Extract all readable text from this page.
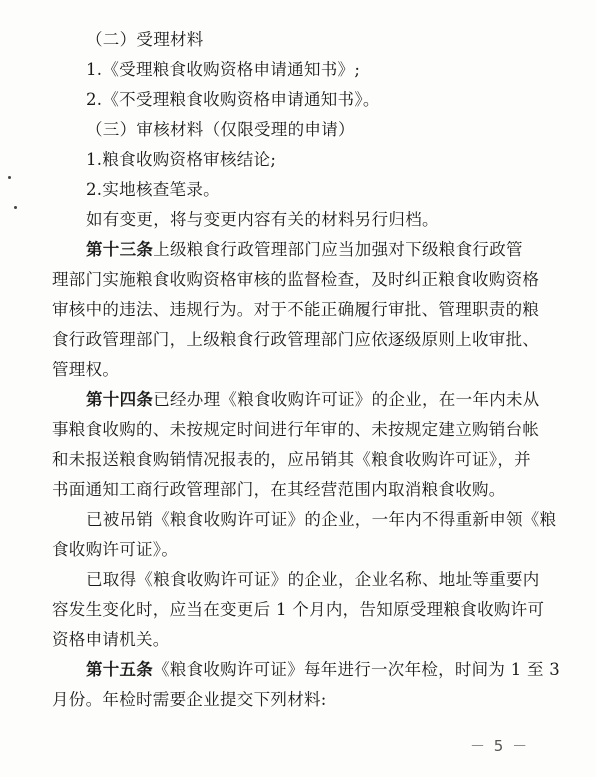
（二）受理材料
1.《受理粮食收购资格申请通知书》;
2.《不受理粮食收购资格申请通知书》。
（三）审核材料（仅限受理的申请）
1.粮食收购资格审核结论;
2.实地核查笔录。
如有变更，将与变更内容有关的材料另行归档。
第十三条上级粮食行政管理部门应当加强对下级粮食行政管
理部门实施粮食收购资格审核的监督检查，及时纠正粮食收购资格
审核中的违法、违规行为。对于不能正确履行审批、管理职责的粮
食行政管理部门，上级粮食行政管理部门应依逐级原则上收审批、
管理权。
第十四条已经办理《粮食收购许可证》的企业，在一年内未从
事粮食收购的、未按规定时间进行年审的、未按规定建立购销台帐
和未报送粮食购销情况报表的，应吊销其《粮食收购许可证》，并
书面通知工商行政管理部门，在其经营范围内取消粮食收购。
已被吊销《粮食收购许可证》的企业，一年内不得重新申领《粮
食收购许可证》。
已取得《粮食收购许可证》的企业，企业名称、地址等重要内
容发生变化时，应当在变更后 1 个月内，告知原受理粮食收购许可
资格申请机关。
第十五条《粮食收购许可证》每年进行一次年检，时间为 1 至 3
月份。年检时需要企业提交下列材料:
－ 5 －
